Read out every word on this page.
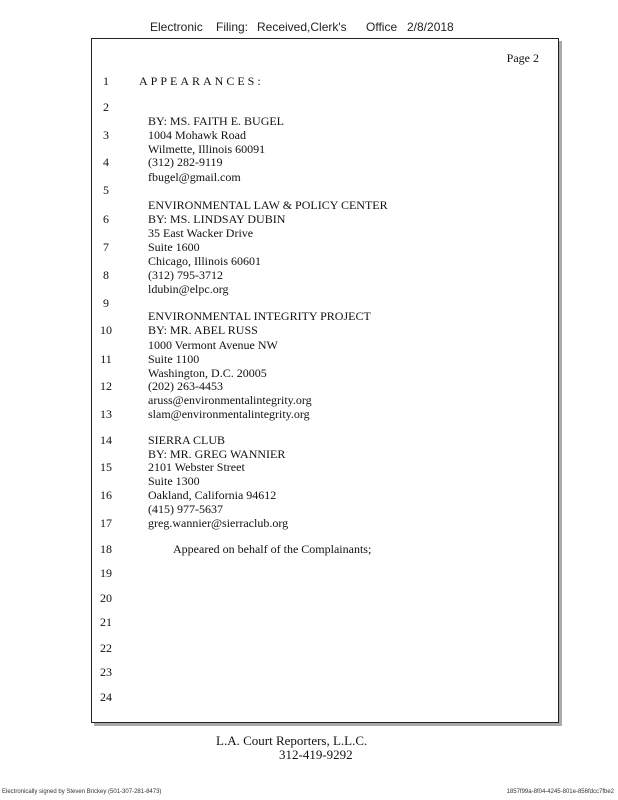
Electronic Filing: Received,Clerk's Office 2/8/2018
Page 2
1
2
3
4
5
6
7
8
9
10
11
12
13
14
15
16
17
18
19
20
21
22
23
24
APPEARANCES:
BY: MS. FAITH E. BUGEL
1004 Mohawk Road
Wilmette, Illinois 60091
(312) 282-9119
fbugel@gmail.com
ENVIRONMENTAL LAW & POLICY CENTER
BY: MS. LINDSAY DUBIN
35 East Wacker Drive
Suite 1600
Chicago, Illinois 60601
(312) 795-3712
ldubin@elpc.org
ENVIRONMENTAL INTEGRITY PROJECT
BY: MR. ABEL RUSS
1000 Vermont Avenue NW
Suite 1100
Washington, D.C. 20005
(202) 263-4453
aruss@environmentalintegrity.org
slam@environmentalintegrity.org
SIERRA CLUB
BY: MR. GREG WANNIER
2101 Webster Street
Suite 1300
Oakland, California 94612
(415) 977-5637
greg.wannier@sierraclub.org
Appeared on behalf of the Complainants;
L.A. Court Reporters, L.L.C.
312-419-9292
Electronically signed by Steven Brickey (501-307-281-8473)	1857f99a-8f04-4245-801e-856fdcc7fbe2
